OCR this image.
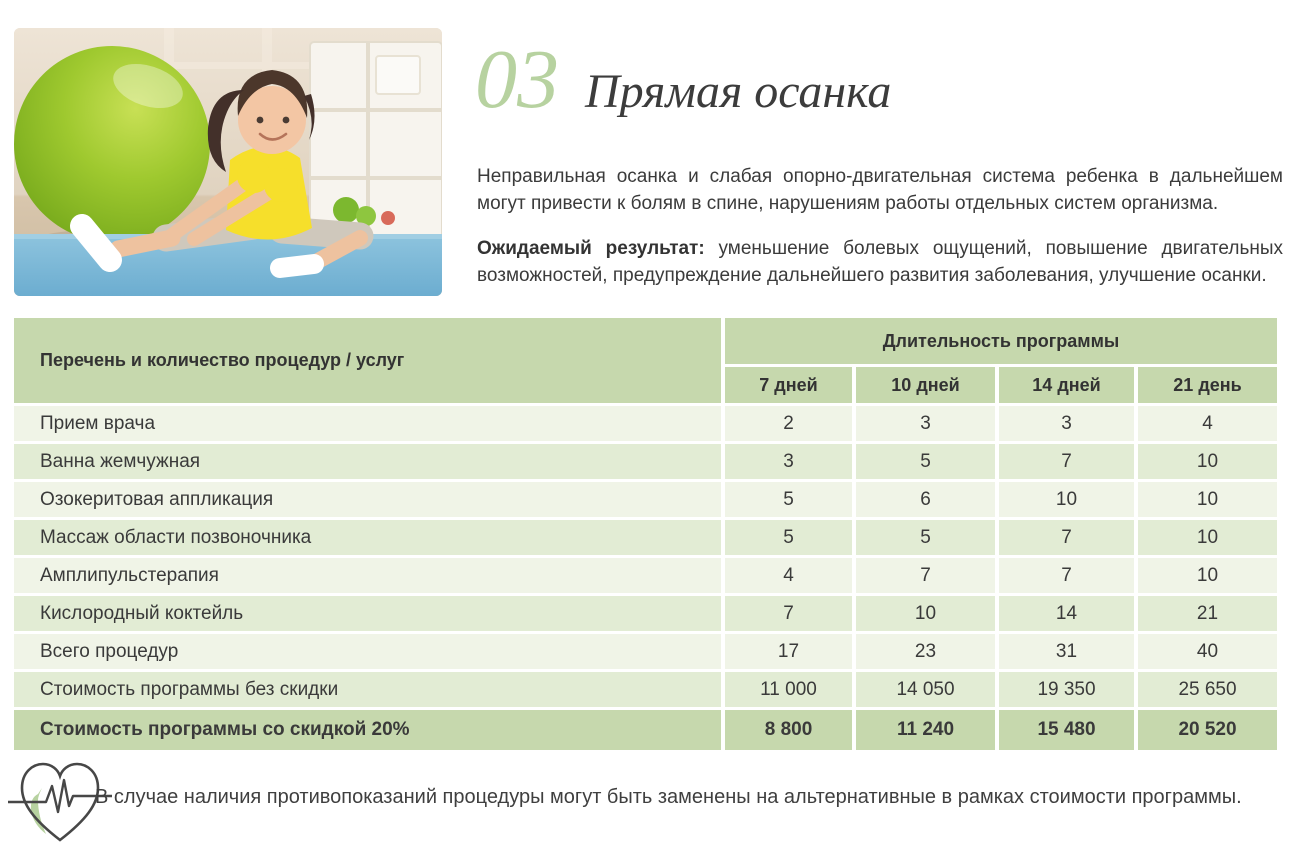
03 Прямая осанка

Неправильная осанка и слабая опорно-двигательная система ребенка в дальнейшем могут привести к болям в спине, нарушениям работы отдельных систем организма.

Ожидаемый результат: уменьшение болевых ощущений, повышение двигательных возможностей, предупреждение дальнейшего развития заболевания, улучшение осанки.

Перечень и количество процедур / услуг
Длительность программы
7 дней	10 дней	14 дней	21 день
Прием врача	2	3	3	4
Ванна жемчужная	3	5	7	10
Озокеритовая аппликация	5	6	10	10
Массаж области позвоночника	5	5	7	10
Амплипульстерапия	4	7	7	10
Кислородный коктейль	7	10	14	21
Всего процедур	17	23	31	40
Стоимость программы без скидки	11 000	14 050	19 350	25 650
Стоимость программы со скидкой 20%	8 800	11 240	15 480	20 520
В случае наличия противопоказаний процедуры могут быть заменены на альтернативные в рамках стоимости программы.
